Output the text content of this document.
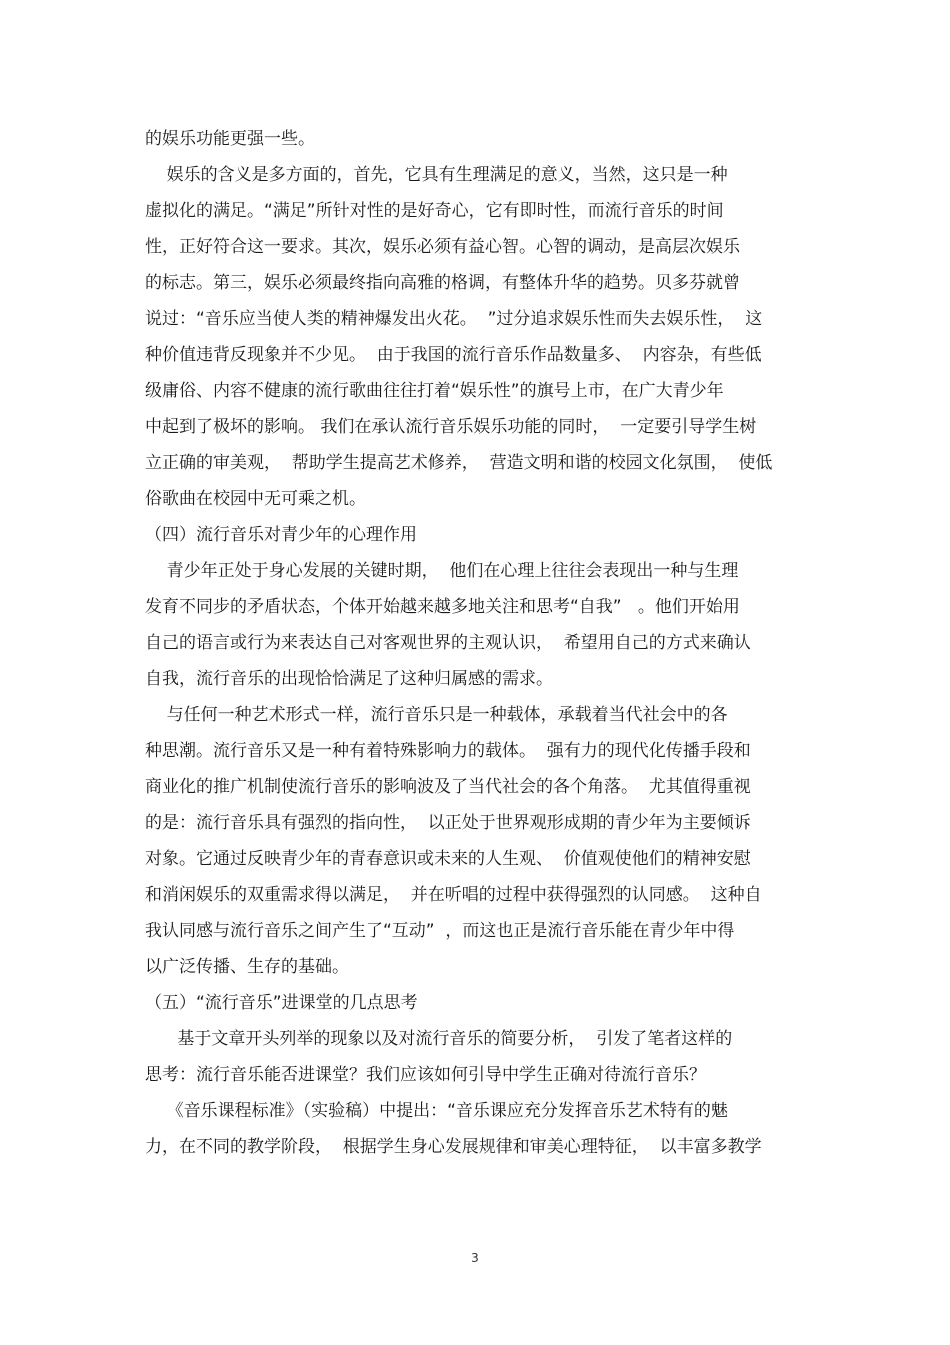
的娱乐功能更强一些。
娱乐的含义是多方面的，首先，它具有生理满足的意义，当然，这只是一种
虚拟化的满足。“满足”所针对性的是好奇心，它有即时性，而流行音乐的时间
性，正好符合这一要求。其次，娱乐必须有益心智。心智的调动，是高层次娱乐
的标志。第三，娱乐必须最终指向高雅的格调，有整体升华的趋势。贝多芬就曾
说过：“音乐应当使人类的精神爆发出火花。  ”过分追求娱乐性而失去娱乐性，  这
种价值违背反现象并不少见。  由于我国的流行音乐作品数量多、  内容杂，有些低
级庸俗、内容不健康的流行歌曲往往打着“娱乐性”的旗号上市，在广大青少年
中起到了极坏的影响。 我们在承认流行音乐娱乐功能的同时，  一定要引导学生树
立正确的审美观，  帮助学生提高艺术修养，  营造文明和谐的校园文化氛围，  使低
俗歌曲在校园中无可乘之机。
（四）流行音乐对青少年的心理作用
青少年正处于身心发展的关键时期，  他们在心理上往往会表现出一种与生理
发育不同步的矛盾状态，个体开始越来越多地关注和思考“自我”   。他们开始用
自己的语言或行为来表达自己对客观世界的主观认识，  希望用自己的方式来确认
自我，流行音乐的出现恰恰满足了这种归属感的需求。
与任何一种艺术形式一样，流行音乐只是一种载体，承载着当代社会中的各
种思潮。流行音乐又是一种有着特殊影响力的载体。  强有力的现代化传播手段和
商业化的推广机制使流行音乐的影响波及了当代社会的各个角落。  尤其值得重视
的是：流行音乐具有强烈的指向性，  以正处于世界观形成期的青少年为主要倾诉
对象。它通过反映青少年的青春意识或未来的人生观、  价值观使他们的精神安慰
和消闲娱乐的双重需求得以满足，  并在听唱的过程中获得强烈的认同感。  这种自
我认同感与流行音乐之间产生了“互动”  ，而这也正是流行音乐能在青少年中得
以广泛传播、生存的基础。
（五）“流行音乐”进课堂的几点思考
基于文章开头列举的现象以及对流行音乐的简要分析，  引发了笔者这样的
思考：流行音乐能否进课堂？我们应该如何引导中学生正确对待流行音乐？
《音乐课程标准》（实验稿）中提出：“音乐课应充分发挥音乐艺术特有的魅
力，在不同的教学阶段，  根据学生身心发展规律和审美心理特征，  以丰富多教学
3
